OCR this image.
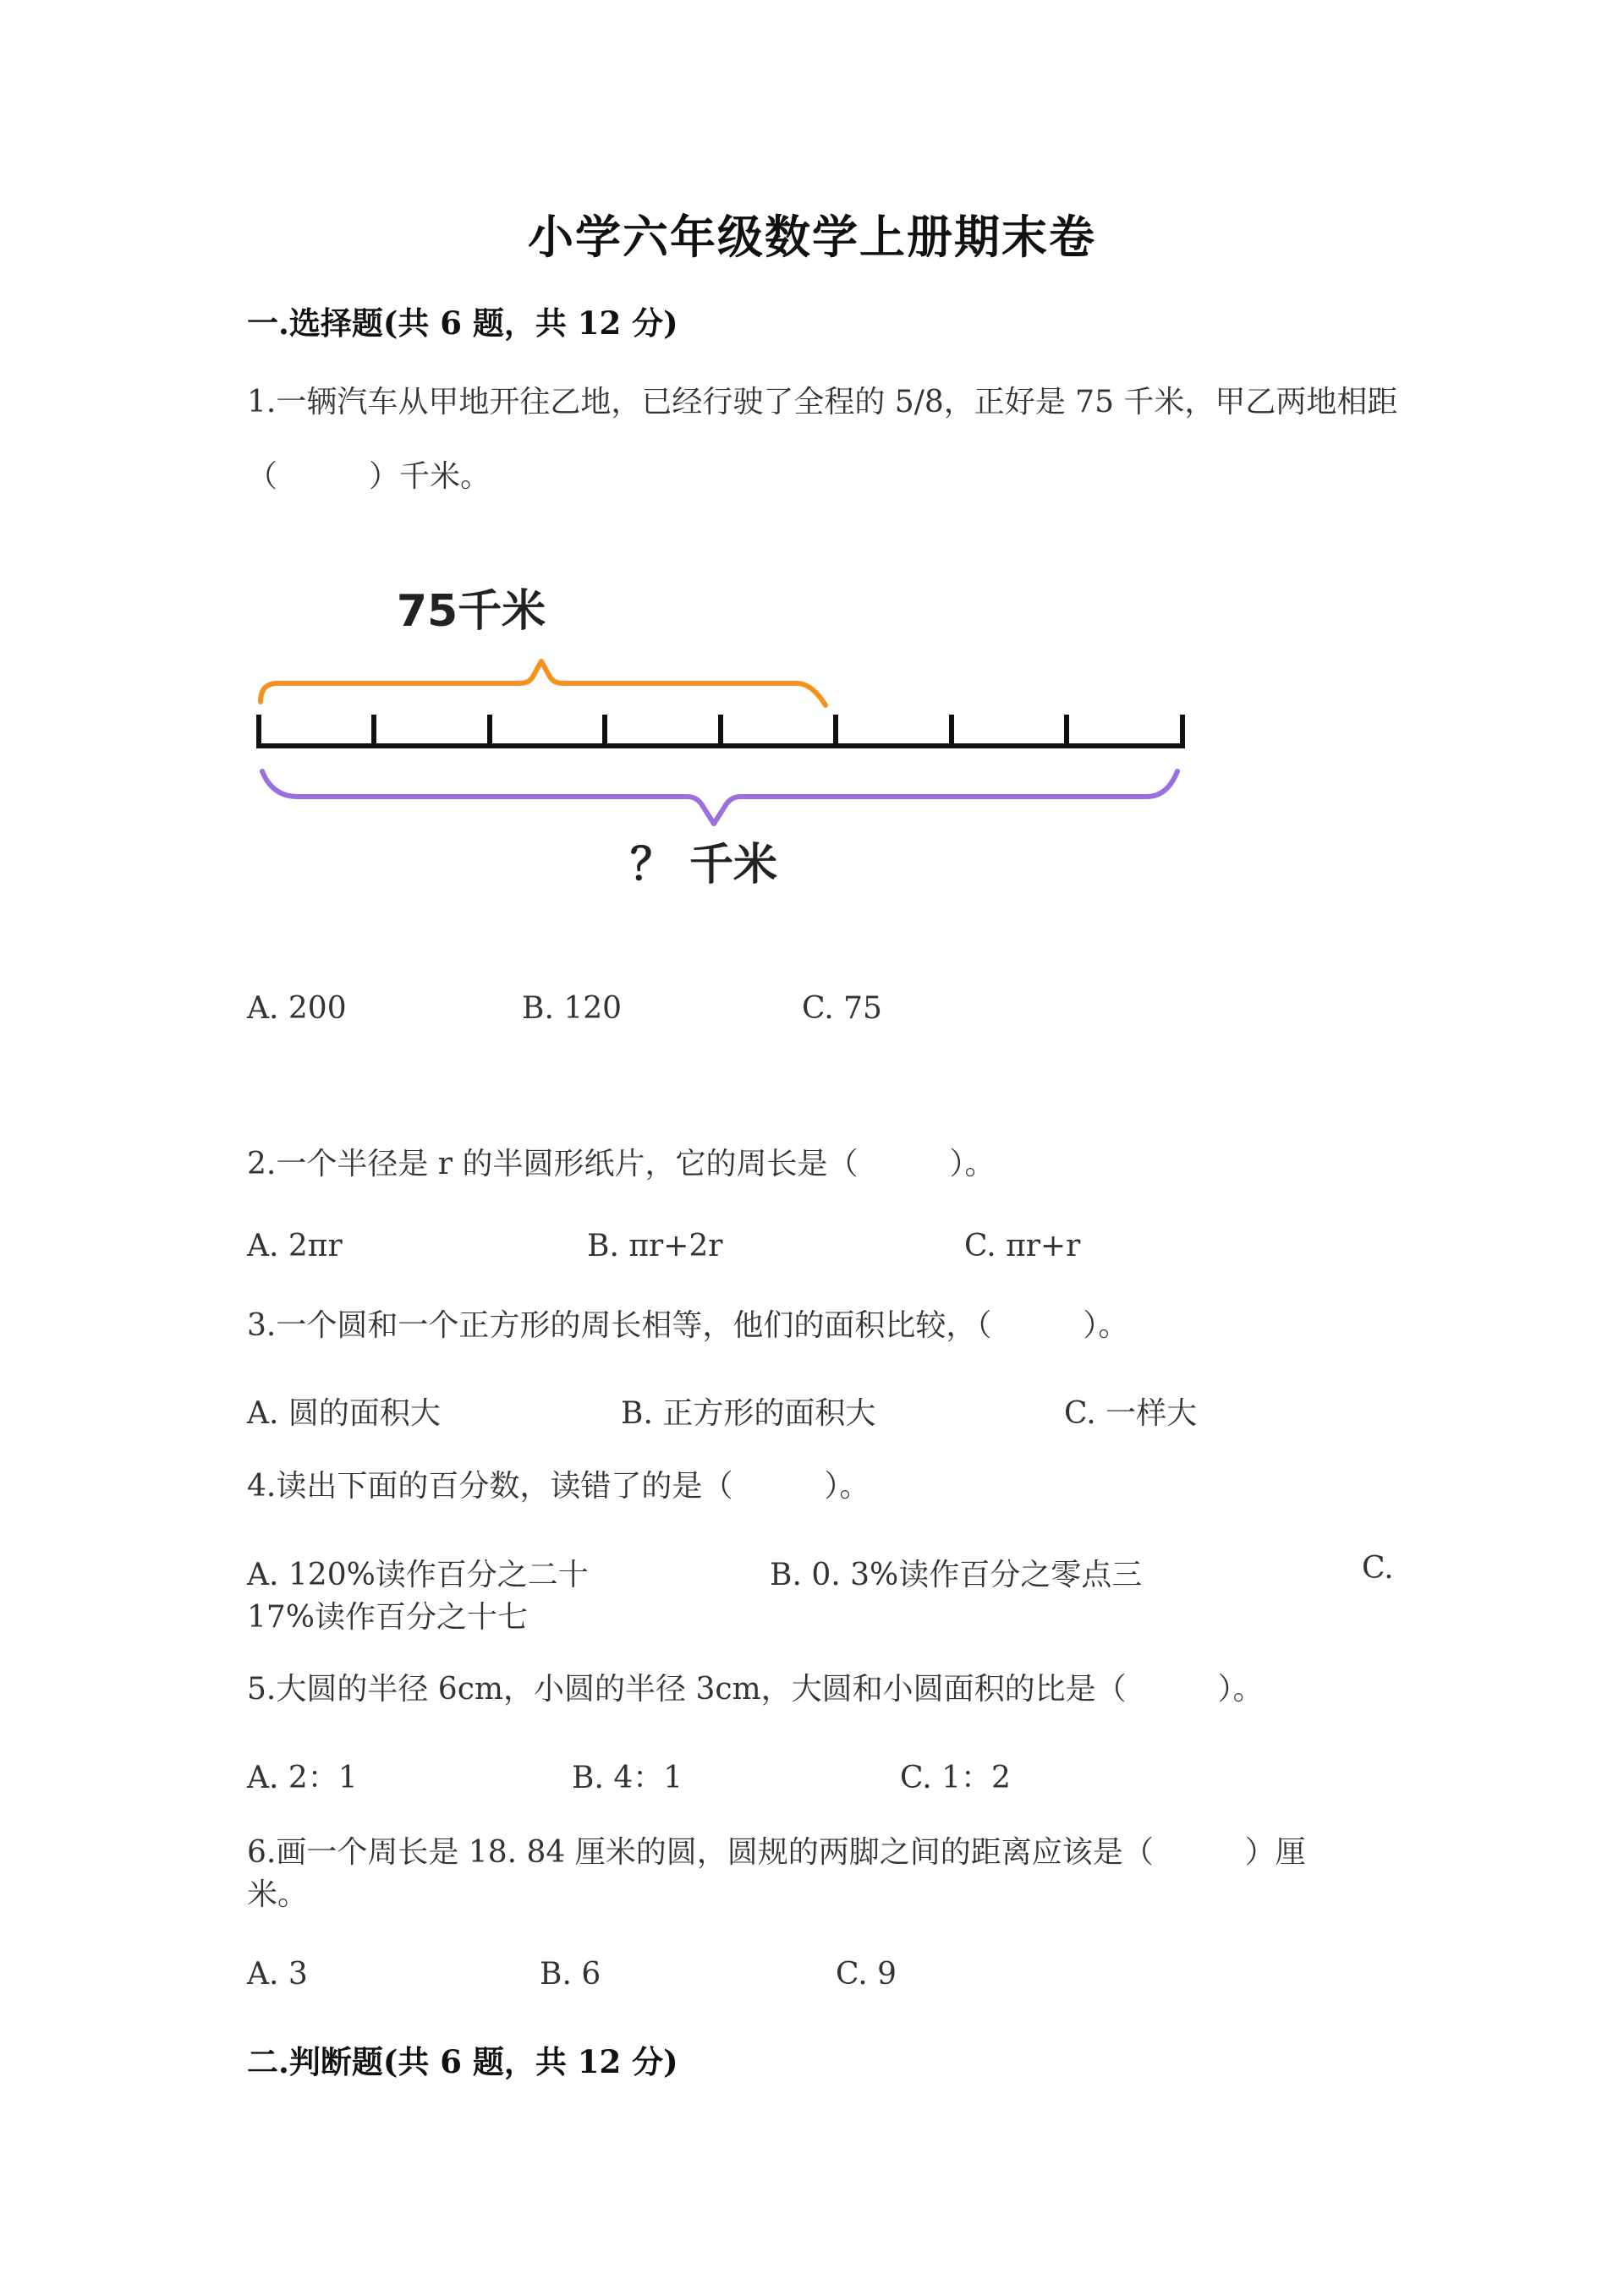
小学六年级数学上册期末卷
一.选择题(共 6 题，共 12 分)
1.一辆汽车从甲地开往乙地，已经行驶了全程的 5/8，正好是 75 千米，甲乙两地相距（　　　）千米。
75千米
？ 千米
A. 200	B. 120	C. 75
2.一个半径是 r 的半圆形纸片，它的周长是（　　　）。
A. 2πr	B. πr+2r	C. πr+r
3.一个圆和一个正方形的周长相等，他们的面积比较，（　　　）。
A. 圆的面积大	B. 正方形的面积大	C. 一样大
4.读出下面的百分数，读错了的是（　　　）。
A. 120%读作百分之二十	B. 0. 3%读作百分之零点三	C.
17%读作百分之十七
5.大圆的半径 6cm，小圆的半径 3cm，大圆和小圆面积的比是（　　　）。
A. 2：1	B. 4：1	C. 1：2
6.画一个周长是 18. 84 厘米的圆，圆规的两脚之间的距离应该是（　　　）厘米。
A. 3	B. 6	C. 9
二.判断题(共 6 题，共 12 分)
